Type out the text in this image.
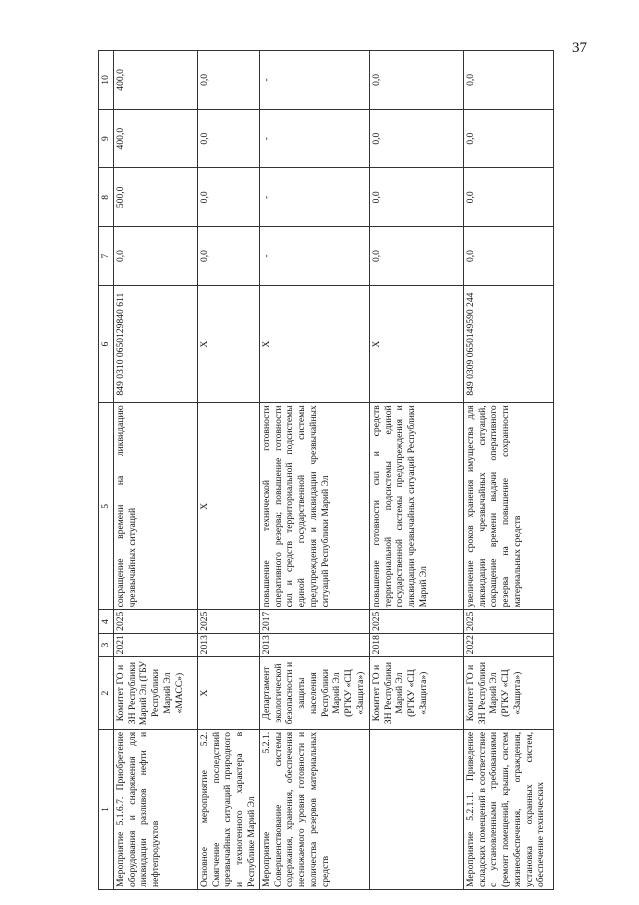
37
1	2	3	4	5	6	7	8	9	10
Мероприятие 5.1.6.7. Приобретение оборудования и снаряжения для ликвидации разливов нефти и нефтепродуктов	Комитет ГО и ЗН Республики Марий Эл (ГБУ Республики Марий Эл «МАСС»)	2021	2025	сокращение времени на ликвидацию чрезвычайных ситуаций	849 0310 0650129840 611	0,0	500,0	400,0	400,0
Основное мероприятие 5.2. Смягчение последствий чрезвычайных ситуаций природного и техногенного характера в Республике Марий Эл	X	2013	2025	X	X	0,0	0,0	0,0	0,0
Мероприятие 5.2.1. Совершенствование системы содержания, хранения, обеспечения неснижаемого уровня готовности и количества резервов материальных средств	Департамент экологической безопасности и защиты населения Республики Марий Эл (РГКУ «СЦ «Защита»)	2013	2017	повышение технической готовности оперативного резерва; повышение готовности сил и средств территориальной подсистемы единой государственной системы предупреждения и ликвидации чрезвычайных ситуаций Республики Марий Эл	X	-	-	-	-
	Комитет ГО и ЗН Республики Марий Эл (РГКУ «СЦ «Защита»)	2018	2025	повышение готовности сил и средств территориальной подсистемы единой государственной системы предупреждения и ликвидации чрезвычайных ситуаций Республики Марий Эл	X	0,0	0,0	0,0	0,0
Мероприятие 5.2.1.1. Приведение складских помещений в соответствие с установленными требованиями (ремонт помещений, крыши, систем жизнеобеспечения, ограждения, установка охранных систем, обеспечение технических	Комитет ГО и ЗН Республики Марий Эл (РГКУ «СЦ «Защита»)	2022	2025	увеличение сроков хранения имущества для ликвидации чрезвычайных ситуаций, сокращение времени выдачи оперативного резерва на повышение сохранности материальных средств	849 0309 0650149590 244	0,0	0,0	0,0	0,0
